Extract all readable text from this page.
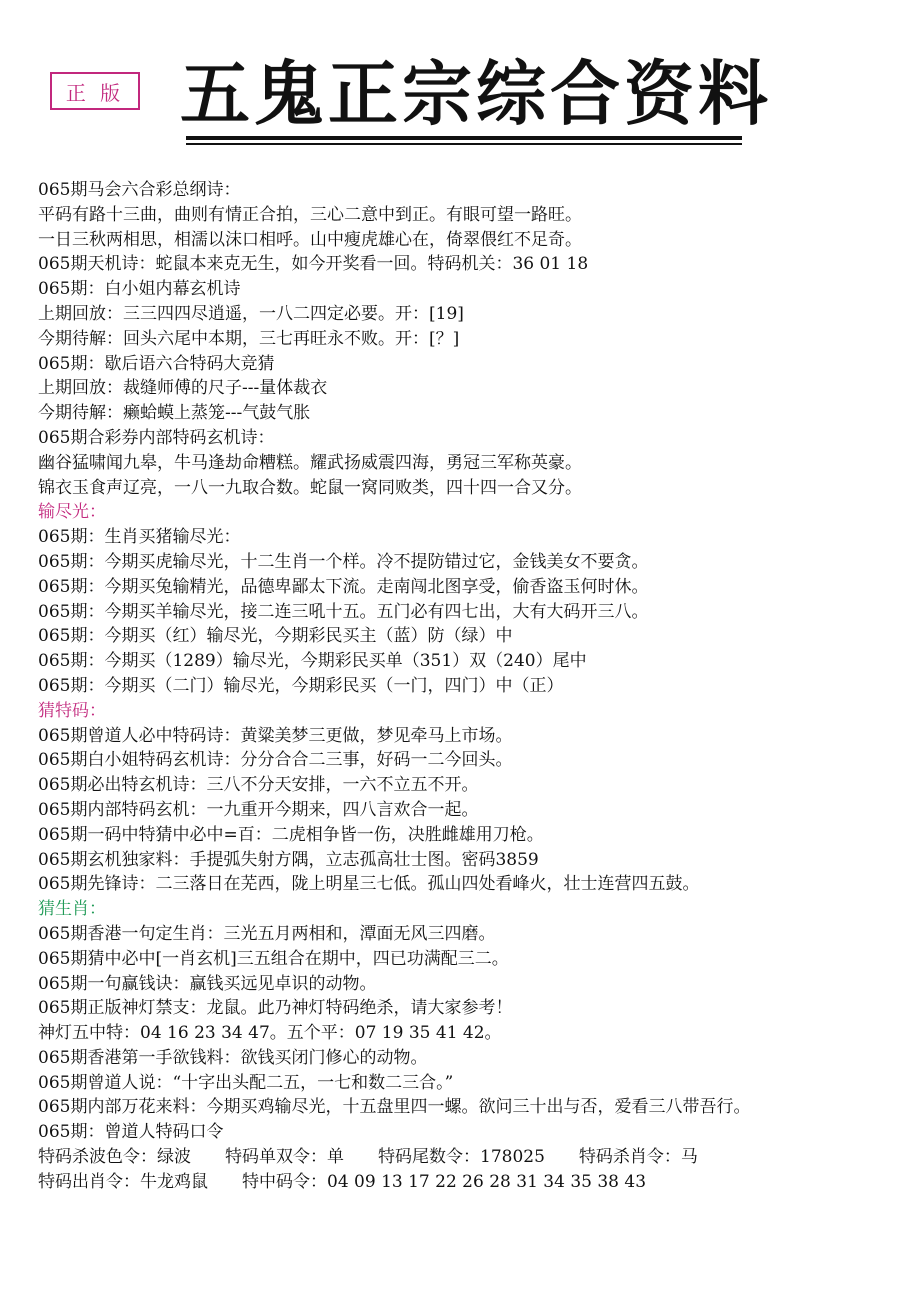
正 版 五鬼正宗综合资料
065期马会六合彩总纲诗：
平码有路十三曲，曲则有情正合拍，三心二意中到正。有眼可望一路旺。
一日三秋两相思，相濡以沫口相呼。山中瘦虎雄心在，倚翠偎红不足奇。
065期天机诗：蛇鼠本来克无生，如今开奖看一回。特码机关：36 01 18
065期：白小姐内幕玄机诗
上期回放：三三四四尽逍遥，一八二四定必要。开：[19]
今期待解：回头六尾中本期，三七再旺永不败。开：[？]
065期：歇后语六合特码大竞猜
上期回放：裁缝师傅的尺子---量体裁衣
今期待解：癞蛤蟆上蒸笼---气鼓气胀
065期合彩券内部特码玄机诗：
幽谷猛啸闻九皋，牛马逢劫命糟糕。耀武扬威震四海，勇冠三军称英豪。
锦衣玉食声辽亮，一八一九取合数。蛇鼠一窝同败类，四十四一合又分。
输尽光：
065期：生肖买猪输尽光：
065期：今期买虎输尽光，十二生肖一个样。冷不提防错过它，金钱美女不要贪。
065期：今期买兔输精光，品德卑鄙太下流。走南闯北图享受，偷香盗玉何时休。
065期：今期买羊输尽光，接二连三吼十五。五门必有四七出，大有大码开三八。
065期：今期买（红）输尽光，今期彩民买主（蓝）防（绿）中
065期：今期买（1289）输尽光，今期彩民买单（351）双（240）尾中
065期：今期买（二门）输尽光，今期彩民买（一门，四门）中（正）
猜特码：
065期曾道人必中特码诗：黄粱美梦三更做，梦见牵马上市场。
065期白小姐特码玄机诗：分分合合二三事，好码一二今回头。
065期必出特玄机诗：三八不分天安排，一六不立五不开。
065期内部特码玄机：一九重开今期来，四八言欢合一起。
065期一码中特猜中必中=百：二虎相争皆一伤，决胜雌雄用刀枪。
065期玄机独家料：手提弧失射方隅，立志孤高壮士图。密码3859
065期先锋诗：二三落日在芜西，陇上明星三七低。孤山四处看峰火，壮士连营四五鼓。
猜生肖：
065期香港一句定生肖：三光五月两相和，潭面无风三四磨。
065期猜中必中[一肖玄机]三五组合在期中，四已功满配三二。
065期一句赢钱诀：赢钱买远见卓识的动物。
065期正版神灯禁支：龙鼠。此乃神灯特码绝杀，请大家参考！
神灯五中特：04 16 23 34 47。五个平：07 19 35 41 42。
065期香港第一手欲钱料：欲钱买闭门修心的动物。
065期曾道人说：“十字出头配二五，一七和数二三合。”
065期内部万花来料：今期买鸡输尽光，十五盘里四一螺。欲问三十出与否，爱看三八带吾行。
065期：曾道人特码口令
特码杀波色令：绿波　　特码单双令：单　　特码尾数令：178025　　特码杀肖令：马
特码出肖令：牛龙鸡鼠　　特中码令：04 09 13 17 22 26 28 31 34 35 38 43
